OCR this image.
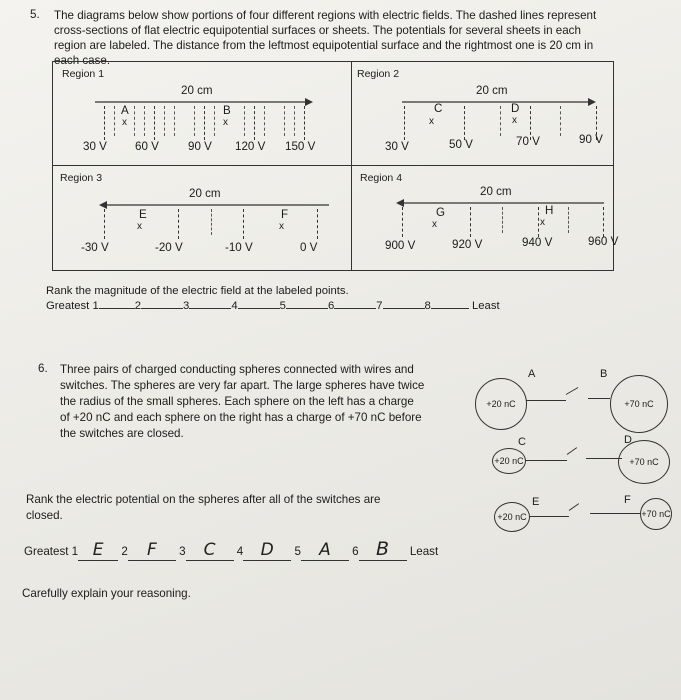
5. The diagrams below show portions of four different regions with electric fields. The dashed lines represent
cross-sections of flat electric equipotential surfaces or sheets. The potentials for several sheets in each
region are labeled. The distance from the leftmost equipotential surface and the rightmost one is 20 cm in
each case.
Region 1
20 cm
A
x
B
x
30 V 60 V	90 V 120 V 150 V
Region 2
20 cm
C
x
D
x
30 V	50 V	70 V	90 V
Region 3
20 cm
E
x
F
x
-30 V	-20 V	-10 V	0 V
Region 4
20 cm
G
x
H
x
900 V	920 V	940 V	960 V
Rank the magnitude of the electric field at the labeled points.
Greatest 1	2	3	4	5	6	7	8	Least
6. Three pairs of charged conducting spheres connected with wires and
switches. The spheres are very far apart. The large spheres have twice
the radius of the small spheres. Each sphere on the left has a charge
of +20 nC and each sphere on the right has a charge of +70 nC before
the switches are closed.
A
+20 nC
B
+70 nC
C
+20 nC
D
+70 nC
E
+20 nC
F
+70 nC
Rank the electric potential on the spheres after all of the switches are
closed.
Greatest 1 E 2 F 3 C 4 D 5 A 6 B Least
Carefully explain your reasoning.
